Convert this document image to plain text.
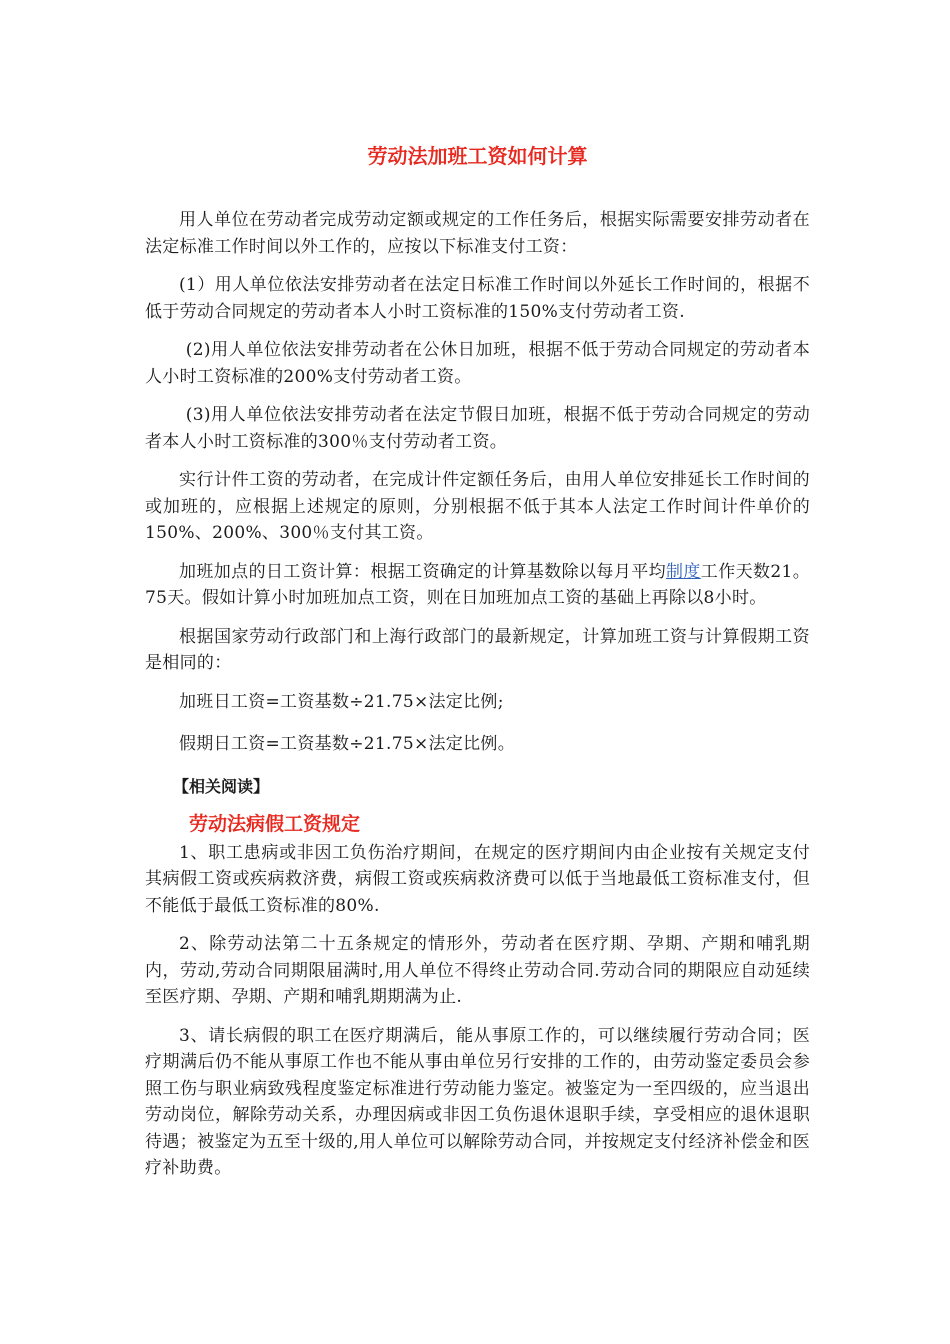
劳动法加班工资如何计算

用人单位在劳动者完成劳动定额或规定的工作任务后，根据实际需要安排劳动者在法定标准工作时间以外工作的，应按以下标准支付工资：

(1）用人单位依法安排劳动者在法定日标准工作时间以外延长工作时间的，根据不低于劳动合同规定的劳动者本人小时工资标准的150%支付劳动者工资.

(2)用人单位依法安排劳动者在公休日加班，根据不低于劳动合同规定的劳动者本人小时工资标准的200%支付劳动者工资。

(3)用人单位依法安排劳动者在法定节假日加班，根据不低于劳动合同规定的劳动者本人小时工资标准的300％支付劳动者工资。

实行计件工资的劳动者，在完成计件定额任务后，由用人单位安排延长工作时间的或加班的，应根据上述规定的原则，分别根据不低于其本人法定工作时间计件单价的150%、200%、300％支付其工资。

加班加点的日工资计算：根据工资确定的计算基数除以每月平均制度工作天数21。75天。假如计算小时加班加点工资，则在日加班加点工资的基础上再除以8小时。

根据国家劳动行政部门和上海行政部门的最新规定，计算加班工资与计算假期工资是相同的：

加班日工资=工资基数÷21.75×法定比例;

假期日工资=工资基数÷21.75×法定比例。

【相关阅读】
劳动法病假工资规定

1、职工患病或非因工负伤治疗期间，在规定的医疗期间内由企业按有关规定支付其病假工资或疾病救济费，病假工资或疾病救济费可以低于当地最低工资标准支付，但不能低于最低工资标准的80%.

2、除劳动法第二十五条规定的情形外，劳动者在医疗期、孕期、产期和哺乳期内，劳动,劳动合同期限届满时,用人单位不得终止劳动合同.劳动合同的期限应自动延续至医疗期、孕期、产期和哺乳期期满为止.

3、请长病假的职工在医疗期满后，能从事原工作的，可以继续履行劳动合同；医疗期满后仍不能从事原工作也不能从事由单位另行安排的工作的，由劳动鉴定委员会参照工伤与职业病致残程度鉴定标准进行劳动能力鉴定。被鉴定为一至四级的，应当退出劳动岗位，解除劳动关系，办理因病或非因工负伤退休退职手续，享受相应的退休退职待遇；被鉴定为五至十级的,用人单位可以解除劳动合同，并按规定支付经济补偿金和医疗补助费。
